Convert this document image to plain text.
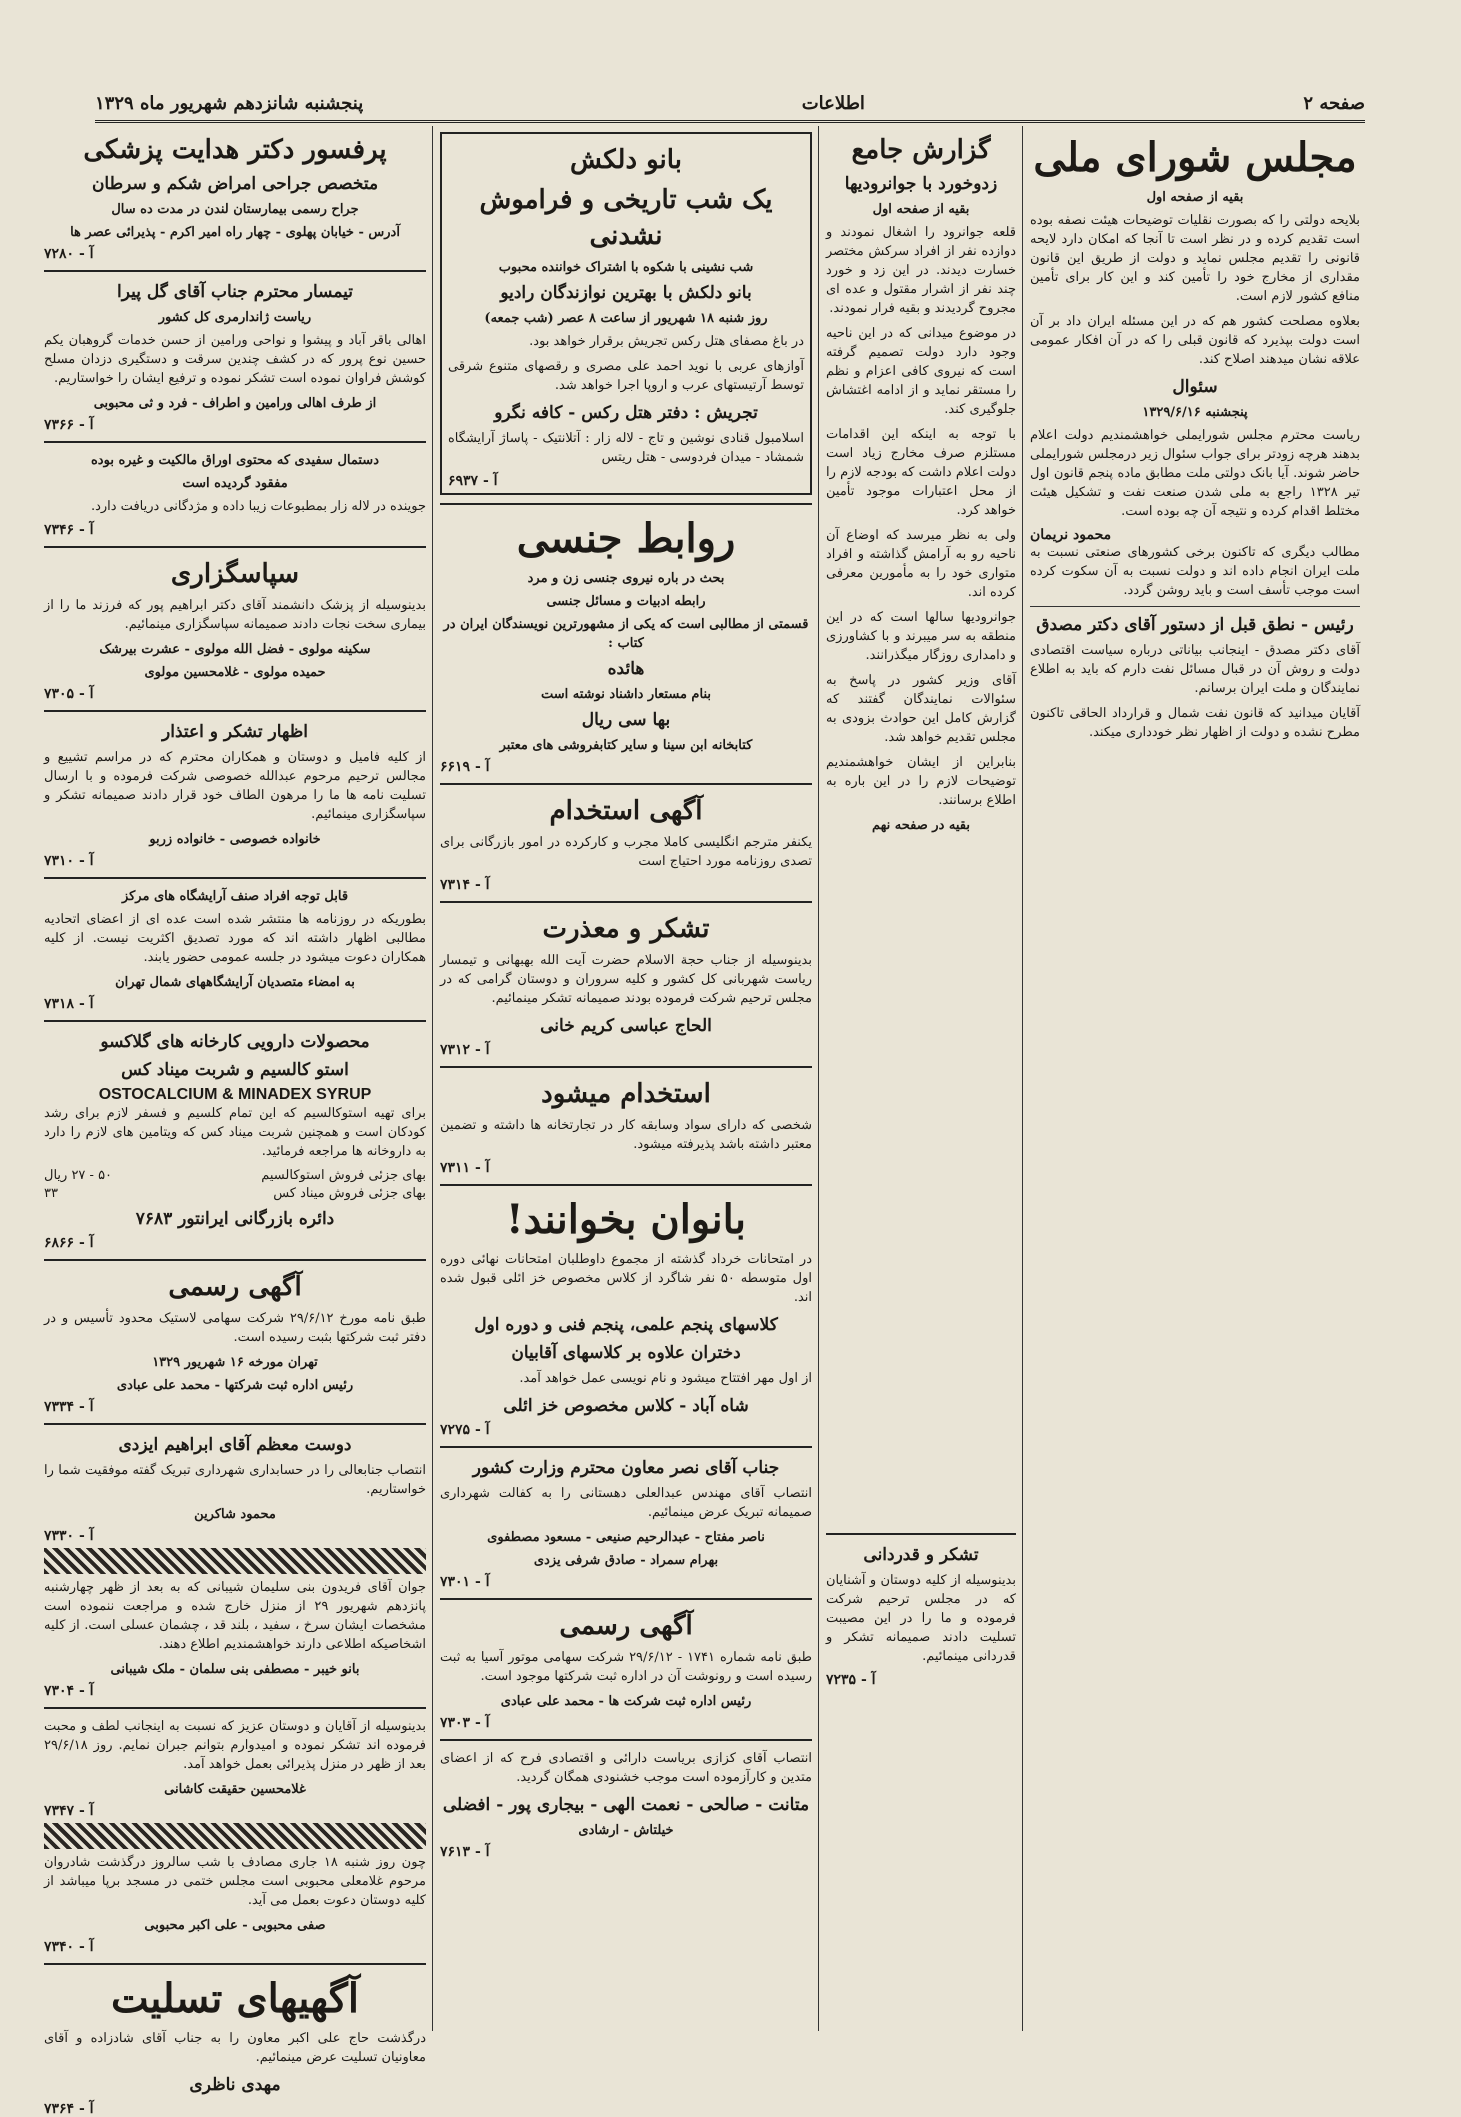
صفحه ۲
اطلاعات
پنجشنبه شانزدهم شهریور ماه ۱۳۲۹
مجلس شورای ملی
بقیه از صفحه اول

بلایحه دولتی را که بصورت نقلیات توضیحات هیئت نصفه بوده است تقدیم کرده و در نظر است تا آنجا که امکان دارد لایحه قانونی را تقدیم مجلس نماید و دولت از طریق این قانون مقداری از مخارج خود را تأمین کند و این کار برای تأمین منافع کشور لازم است.

بعلاوه مصلحت کشور هم که در این مسئله ایران داد بر آن است دولت بپذیرد که قانون قبلی را که در آن افکار عمومی علاقه نشان میدهند اصلاح کند.

سئوال
پنجشنبه ۱۳۲۹/۶/۱۶

ریاست محترم مجلس شورایملی خواهشمندیم دولت اعلام بدهند هرچه زودتر برای جواب سئوال زیر درمجلس شورایملی حاضر شوند. آیا بانک دولتی ملت مطابق ماده پنجم قانون اول تیر ۱۳۲۸ راجع به ملی شدن صنعت نفت و تشکیل هیئت مختلط اقدام کرده و نتیجه آن چه بوده است.

محمود نریمان

مطالب دیگری که تاکنون برخی کشورهای صنعتی نسبت به ملت ایران انجام داده اند و دولت نسبت به آن سکوت کرده است موجب تأسف است و باید روشن گردد.

رئیس - نطق قبل از دستور آقای دکتر مصدق

آقای دکتر مصدق - اینجانب بیاناتی درباره سیاست اقتصادی دولت و روش آن در قبال مسائل نفت دارم که باید به اطلاع نمایندگان و ملت ایران برسانم.

آقایان میدانید که قانون نفت شمال و قرارداد الحاقی تاکنون مطرح نشده و دولت از اظهار نظر خودداری میکند.

گزارش جامع
زدوخورد با جوانرودیها
بقیه از صفحه اول

قلعه جوانرود را اشغال نمودند و دوازده نفر از افراد سرکش مختصر خسارت دیدند. در این زد و خورد چند نفر از اشرار مقتول و عده ای مجروح گردیدند و بقیه فرار نمودند.

در موضوع میدانی که در این ناحیه وجود دارد دولت تصمیم گرفته است که نیروی کافی اعزام و نظم را مستقر نماید و از ادامه اغتشاش جلوگیری کند.

با توجه به اینکه این اقدامات مستلزم صرف مخارج زیاد است دولت اعلام داشت که بودجه لازم را از محل اعتبارات موجود تأمین خواهد کرد.

ولی به نظر میرسد که اوضاع آن ناحیه رو به آرامش گذاشته و افراد متواری خود را به مأمورین معرفی کرده اند.

جوانرودیها سالها است که در این منطقه به سر میبرند و با کشاورزی و دامداری روزگار میگذرانند.

آقای وزیر کشور در پاسخ به سئوالات نمایندگان گفتند که گزارش کامل این حوادث بزودی به مجلس تقدیم خواهد شد.

بنابراین از ایشان خواهشمندیم توضیحات لازم را در این باره به اطلاع برسانند.

بقیه در صفحه نهم
تشکر و قدردانی

بدینوسیله از کلیه دوستان و آشنایان که در مجلس ترحیم شرکت فرموده و ما را در این مصیبت تسلیت دادند صمیمانه تشکر و قدردانی مینمائیم.

آ - ۷۲۳۵
بانو دلکش
یک شب تاریخی و فراموش نشدنی
شب نشینی با شکوه با اشتراک خواننده محبوب
بانو دلکش با بهترین نوازندگان رادیو
روز شنبه ۱۸ شهریور از ساعت ۸ عصر (شب جمعه)

در باغ مصفای هتل رکس تجریش برقرار خواهد بود.

آوازهای عربی با نوید احمد علی مصری و رقصهای متنوع شرقی توسط آرتیستهای عرب و اروپا اجرا خواهد شد.

تجریش : دفتر هتل رکس - کافه نگرو

اسلامبول قنادی نوشین و تاج - لاله زار : آتلانتیک - پاساژ آرایشگاه شمشاد - میدان فردوسی - هتل ریتس

آ - ۶۹۳۷
روابط جنسی
بحث در باره نیروی جنسی زن و مرد
رابطه ادبیات و مسائل جنسی
قسمتی از مطالبی است که یکی از مشهورترین نویسندگان ایران در کتاب :
هائده
بنام مستعار داشناد نوشته است
بها سی ریال
کتابخانه ابن سینا و سایر کتابفروشی های معتبر
آ - ۶۶۱۹
آگهی استخدام

یکنفر مترجم انگلیسی کاملا مجرب و کارکرده در امور بازرگانی برای تصدی روزنامه مورد احتیاج است

آ - ۷۳۱۴
تشکر و معذرت

بدینوسیله از جناب حجة الاسلام حضرت آیت الله بهبهانی و تیمسار ریاست شهربانی کل کشور و کلیه سروران و دوستان گرامی که در مجلس ترحیم شرکت فرموده بودند صمیمانه تشکر مینمائیم.

الحاج عباسی کریم خانی
آ - ۷۳۱۲
استخدام میشود

شخصی که دارای سواد وسابقه کار در تجارتخانه ها داشته و تضمین معتبر داشته باشد پذیرفته میشود.

آ - ۷۳۱۱
بانوان بخوانند!

در امتحانات خرداد گذشته از مجموع داوطلبان امتحانات نهائی دوره اول متوسطه ۵۰ نفر شاگرد از کلاس مخصوص خز ائلی قبول شده اند.

کلاسهای پنجم علمی، پنجم فنی و دوره اول
دختران علاوه بر کلاسهای آقابیان

از اول مهر افتتاح میشود و نام نویسی عمل خواهد آمد.

شاه آباد - کلاس مخصوص خز ائلی
آ - ۷۲۷۵
جناب آقای نصر معاون محترم وزارت کشور

انتصاب آقای مهندس عبدالعلی دهستانی را به کفالت شهرداری صمیمانه تبریک عرض مینمائیم.

ناصر مفتاح - عبدالرحیم صنیعی - مسعود مصطفوی
بهرام سمراد - صادق شرفی یزدی
آ - ۷۳۰۱
آگهی رسمی

طبق نامه شماره ۱۷۴۱ - ۲۹/۶/۱۲ شرکت سهامی موتور آسیا به ثبت رسیده است و رونوشت آن در اداره ثبت شرکتها موجود است.

رئیس اداره ثبت شرکت ها - محمد علی عبادی
آ - ۷۳۰۳

انتصاب آقای کزازی بریاست دارائی و اقتصادی فرح که از اعضای متدین و کارآزموده است موجب خشنودی همگان گردید.

متانت - صالحی - نعمت الهی - بیجاری پور - افضلی
خیلتاش - ارشادی
آ - ۷۶۱۳
پرفسور دکتر هدایت پزشکی
متخصص جراحی امراض شکم و سرطان
جراح رسمی بیمارستان لندن در مدت ده سال
آدرس - خیابان پهلوی - چهار راه امیر اکرم - پذیرائی عصر ها
آ - ۷۲۸۰
تیمسار محترم جناب آقای گل پیرا
ریاست ژاندارمری کل کشور

اهالی باقر آباد و پیشوا و نواحی ورامین از حسن خدمات گروهبان یکم حسین نوع پرور که در کشف چندین سرقت و دستگیری دزدان مسلح کوشش فراوان نموده است تشکر نموده و ترفیع ایشان را خواستاریم.

از طرف اهالی ورامین و اطراف - فرد و ثی محبوبی
آ - ۷۳۶۶
دستمال سفیدی که محتوی اوراق مالکیت و غیره بوده
مفقود گردیده است

جوینده در لاله زار بمطبوعات زیبا داده و مژدگانی دریافت دارد.

آ - ۷۳۴۶
سپاسگزاری

بدینوسیله از پزشک دانشمند آقای دکتر ابراهیم پور که فرزند ما را از بیماری سخت نجات دادند صمیمانه سپاسگزاری مینمائیم.

سکینه مولوی - فضل الله مولوی - عشرت بیرشک
حمیده مولوی - غلامحسین مولوی
آ - ۷۳۰۵
اظهار تشکر و اعتذار

از کلیه فامیل و دوستان و همکاران محترم که در مراسم تشییع و مجالس ترحیم مرحوم عبدالله خصوصی شرکت فرموده و با ارسال تسلیت نامه ها ما را مرهون الطاف خود قرار دادند صمیمانه تشکر و سپاسگزاری مینمائیم.

خانواده خصوصی - خانواده زربو
آ - ۷۳۱۰
قابل توجه افراد صنف آرایشگاه های مرکز

بطوریکه در روزنامه ها منتشر شده است عده ای از اعضای اتحادیه مطالبی اظهار داشته اند که مورد تصدیق اکثریت نیست. از کلیه همکاران دعوت میشود در جلسه عمومی حضور یابند.

به امضاء متصدیان آرایشگاههای شمال تهران
آ - ۷۳۱۸
محصولات دارویی کارخانه های گلاکسو
استو کالسیم و شربت میناد کس
OSTOCALCIUM & MINADEX SYRUP

برای تهیه استوکالسیم که این تمام کلسیم و فسفر لازم برای رشد کودکان است و همچنین شربت میناد کس که ویتامین های لازم را دارد به داروخانه ها مراجعه فرمائید.

بهای جزئی فروش استوکالسیم
۵۰ - ۲۷ ریال
بهای جزئی فروش میناد کس
۳۳
دائره بازرگانی ایرانتور ۷۶۸۳
آ - ۶۸۶۶
آگهی رسمی

طبق نامه مورخ ۲۹/۶/۱۲ شرکت سهامی لاستیک محدود تأسیس و در دفتر ثبت شرکتها بثبت رسیده است.

تهران مورخه ۱۶ شهریور ۱۳۲۹
رئیس اداره ثبت شرکتها - محمد علی عبادی
آ - ۷۳۳۴
دوست معظم آقای ابراهیم ایزدی

انتصاب جنابعالی را در حسابداری شهرداری تبریک گفته موفقیت شما را خواستاریم.

محمود شاکرین
آ - ۷۳۳۰

جوان آقای فریدون بنی سلیمان شیبانی که به بعد از ظهر چهارشنبه پانزدهم شهریور ۲۹ از منزل خارج شده و مراجعت ننموده است مشخصات ایشان سرخ ، سفید ، بلند قد ، چشمان عسلی است. از کلیه اشخاصیکه اطلاعی دارند خواهشمندیم اطلاع دهند.

بانو خیبر - مصطفی بنی سلمان - ملک شیبانی
آ - ۷۳۰۴

بدینوسیله از آقایان و دوستان عزیز که نسبت به اینجانب لطف و محبت فرموده اند تشکر نموده و امیدوارم بتوانم جبران نمایم. روز ۲۹/۶/۱۸ بعد از ظهر در منزل پذیرائی بعمل خواهد آمد.

غلامحسین حقیقت کاشانی
آ - ۷۳۴۷

چون روز شنبه ۱۸ جاری مصادف با شب سالروز درگذشت شادروان مرحوم غلامعلی محبوبی است مجلس ختمی در مسجد برپا میباشد از کلیه دوستان دعوت بعمل می آید.

صفی محبوبی - علی اکبر محبوبی
آ - ۷۳۴۰
آگهیهای تسلیت

درگذشت حاج علی اکبر معاون را به جناب آقای شادزاده و آقای معاونیان تسلیت عرض مینمائیم.

مهدی ناظری
آ - ۷۳۶۴
